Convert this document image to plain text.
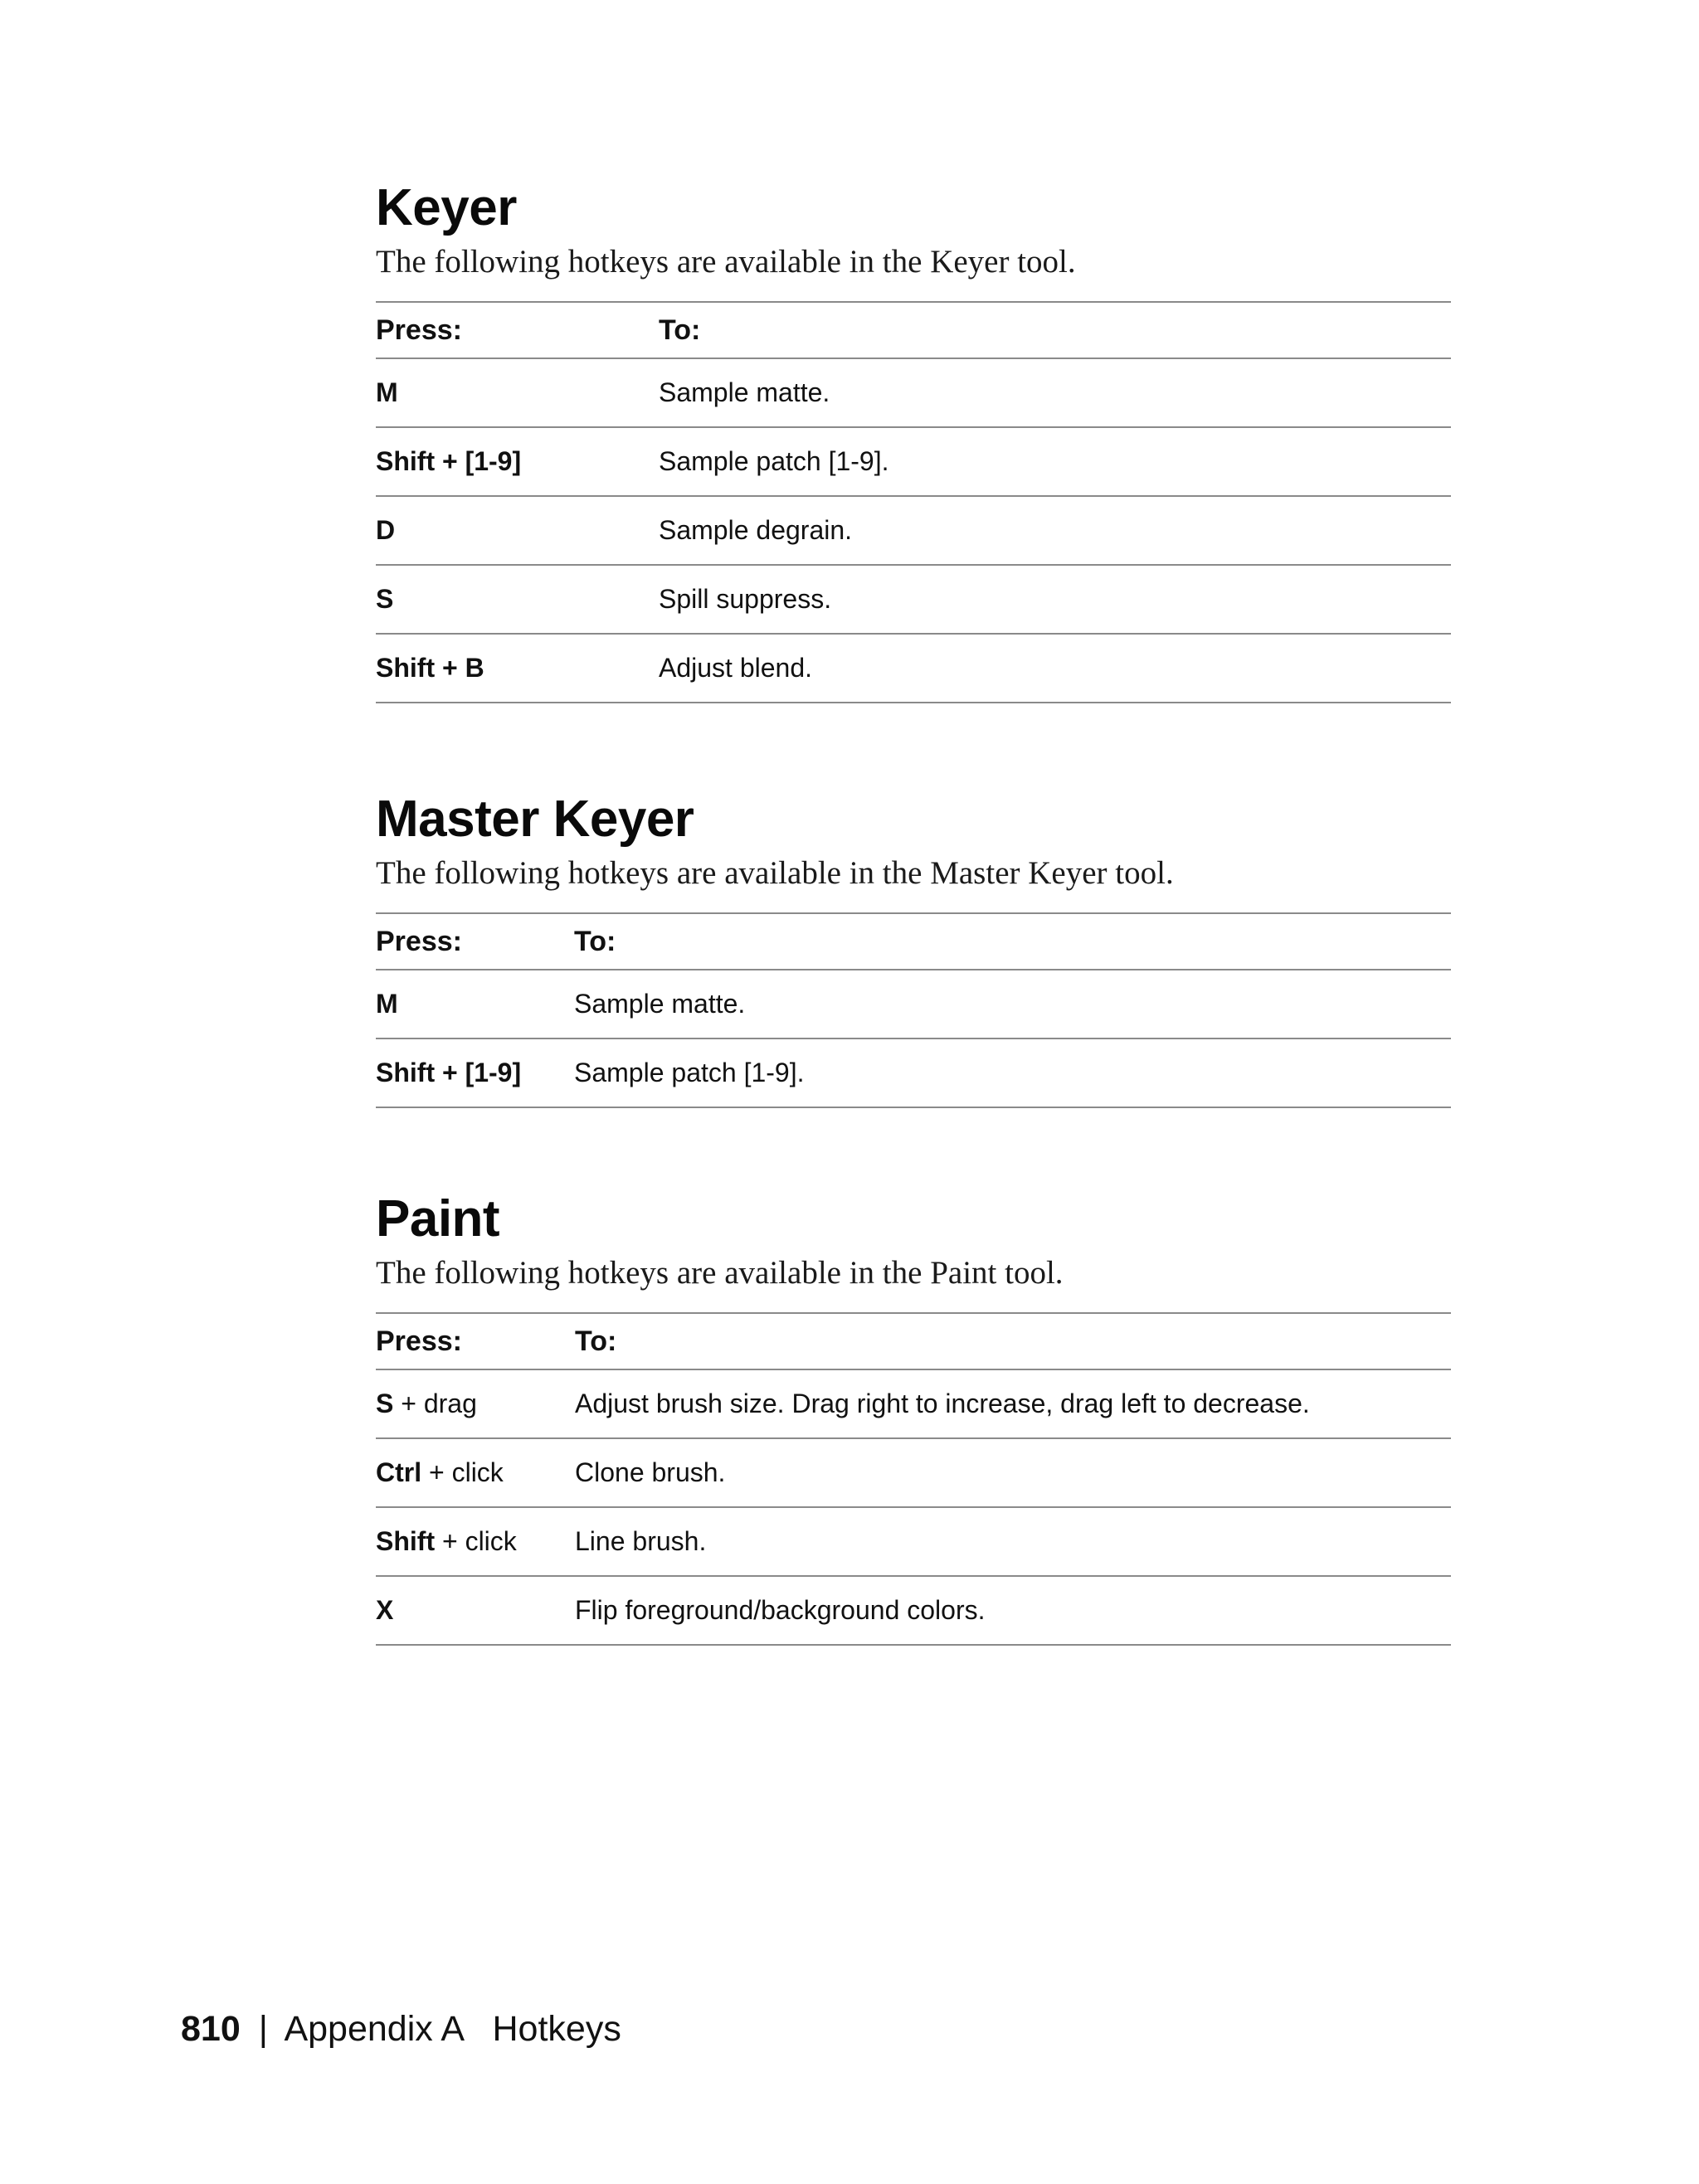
Keyer

The following hotkeys are available in the Keyer tool.

Press:	To:
M	Sample matte.
Shift + [1-9]	Sample patch [1-9].
D	Sample degrain.
S	Spill suppress.
Shift + B	Adjust blend.
Master Keyer

The following hotkeys are available in the Master Keyer tool.

Press:	To:
M	Sample matte.
Shift + [1-9]	Sample patch [1-9].
Paint

The following hotkeys are available in the Paint tool.

Press:	To:
S + drag	Adjust brush size. Drag right to increase, drag left to decrease.
Ctrl + click	Clone brush.
Shift + click	Line brush.
X	Flip foreground/background colors.
810 | Appendix A Hotkeys
